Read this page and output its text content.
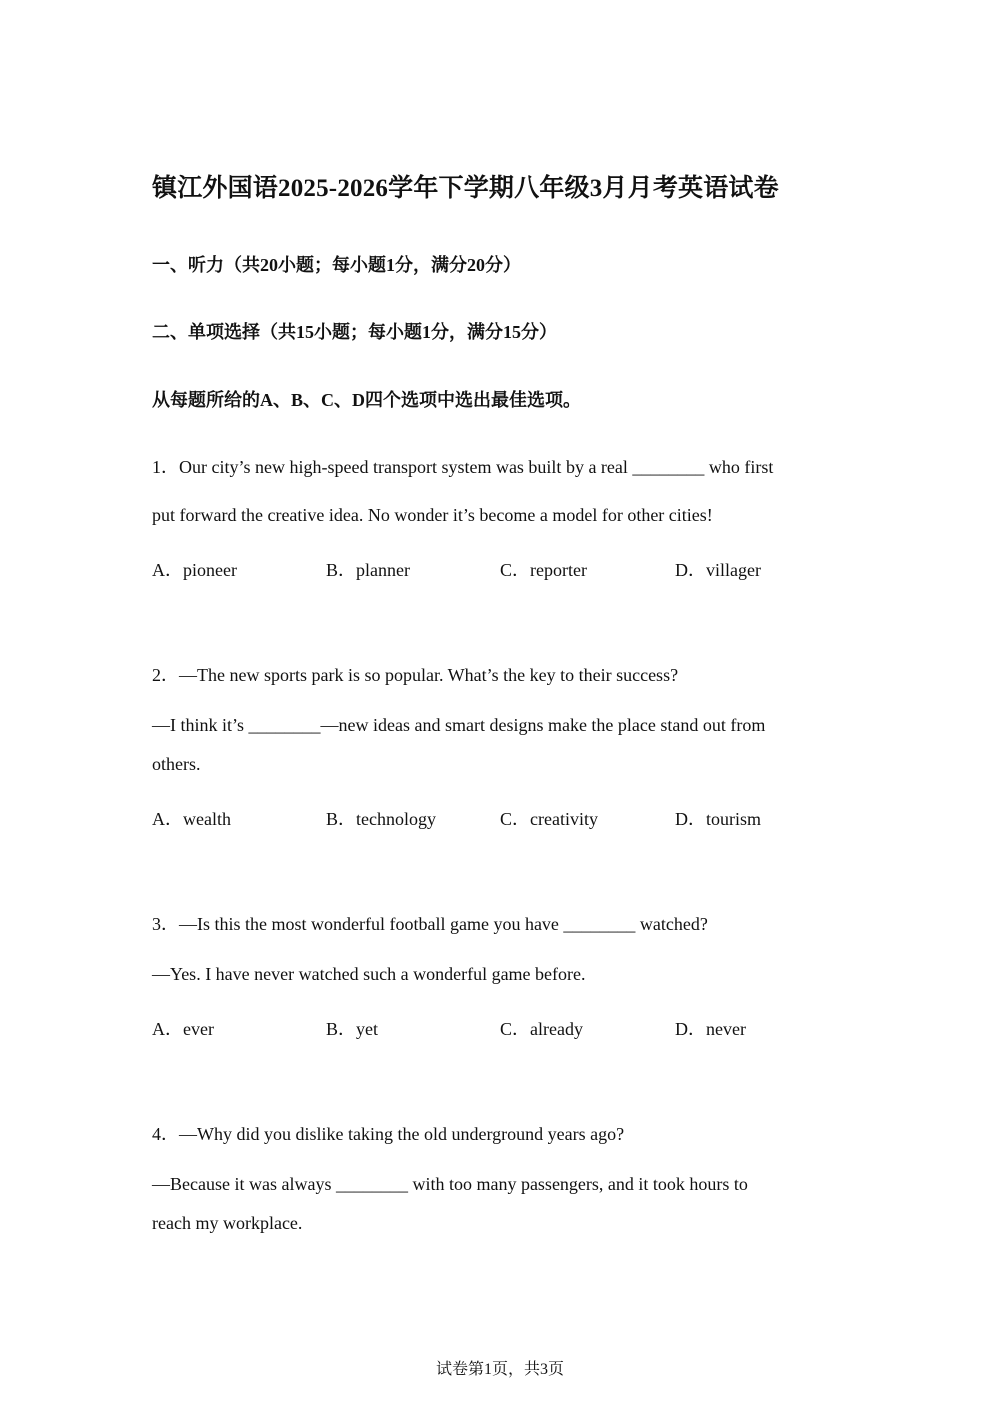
镇江外国语2025-2026学年下学期八年级3月月考英语试卷
一、听力（共20小题；每小题1分，满分20分）
二、单项选择（共15小题；每小题1分，满分15分）
从每题所给的A、B、C、D四个选项中选出最佳选项。
1．Our city’s new high-speed transport system was built by a real ________ who first
put forward the creative idea. No wonder it’s become a model for other cities!
A．pioneer	B．planner	C．reporter	D．villager
2．—The new sports park is so popular. What’s the key to their success?
—I think it’s ________—new ideas and smart designs make the place stand out from
others.
A．wealth	B．technology	C．creativity	D．tourism
3．—Is this the most wonderful football game you have ________ watched?
—Yes. I have never watched such a wonderful game before.
A．ever	B．yet	C．already	D．never
4．—Why did you dislike taking the old underground years ago?
—Because it was always ________ with too many passengers, and it took hours to
reach my workplace.
试卷第1页，共3页
